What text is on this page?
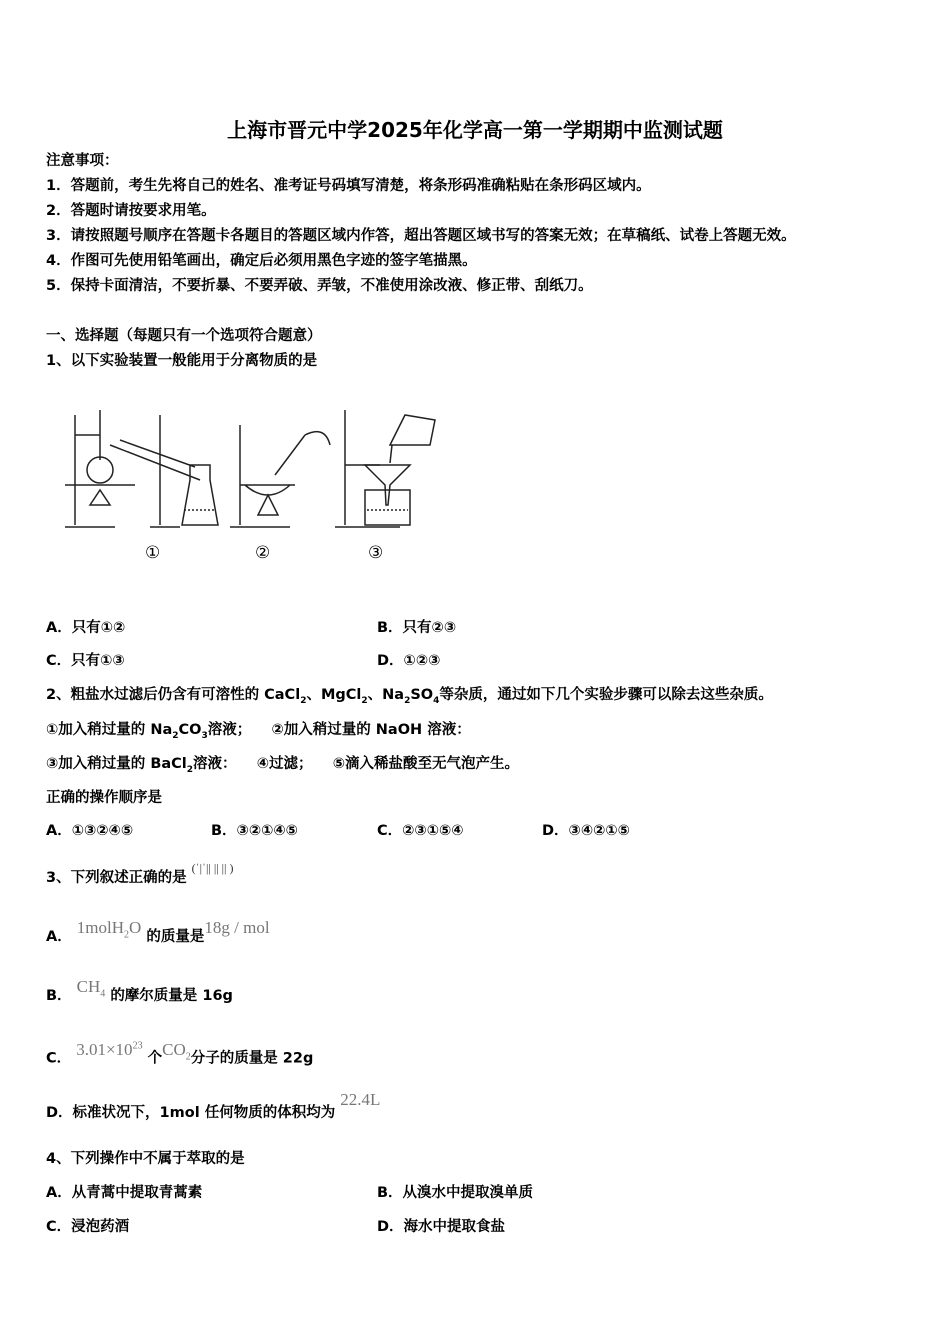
上海市晋元中学2025年化学高一第一学期期中监测试题
注意事项：
1．答题前，考生先将自己的姓名、准考证号码填写清楚，将条形码准确粘贴在条形码区域内。
2．答题时请按要求用笔。
3．请按照题号顺序在答题卡各题目的答题区域内作答，超出答题区域书写的答案无效；在草稿纸、试卷上答题无效。
4．作图可先使用铅笔画出，确定后必须用黑色字迹的签字笔描黑。
5．保持卡面清洁，不要折暴、不要弄破、弄皱，不准使用涂改液、修正带、刮纸刀。
一、选择题（每题只有一个选项符合题意）
1、以下实验装置一般能用于分离物质的是
①	②	③
A．只有①②	B．只有②③
C．只有①③	D．①②③
2、粗盐水过滤后仍含有可溶性的 CaCl$_2$、MgCl$_2$、$Na_2SO_4$等杂质，通过如下几个实验步骤可以除去这些杂质。
①加入稍过量的 $Na_2CO_3$溶液； ②加入稍过量的 NaOH 溶液：
③加入稍过量的 BaCl$_2$溶液： ④过滤； ⑤滴入稀盐酸至无气泡产生。
正确的操作顺序是
A．①③②④⑤	B．③②①④⑤	C．②③①⑤④	D．③④②①⑤
3、下列叙述正确的是 $^{(ˈ|ˈ|| || || )}$
A． 1molH$_2$O 的质量是18g / mol
B． $CH_4$ 的摩尔质量是 16g
C． $3.01\times 10^{23}$ 个$CO_2$分子的质量是 22g
D．标准状况下，1mol 任何物质的体积均为 22.4L
4、下列操作中不属于萃取的是
A．从青蒿中提取青蒿素	B．从溴水中提取溴单质
C．浸泡药酒	D．海水中提取食盐
